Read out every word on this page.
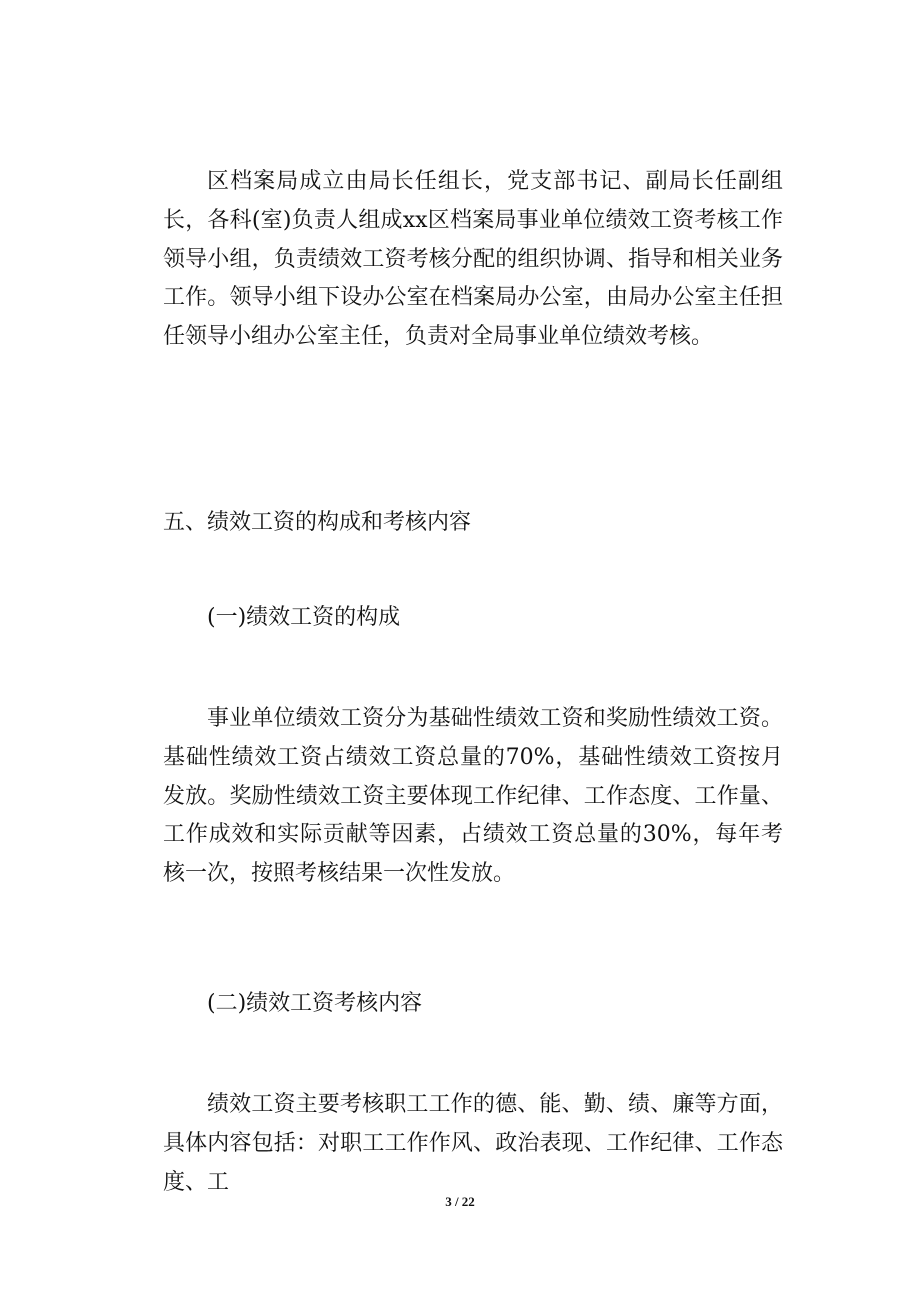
区档案局成立由局长任组长，党支部书记、副局长任副组长，各科(室)负责人组成xx区档案局事业单位绩效工资考核工作领导小组，负责绩效工资考核分配的组织协调、指导和相关业务工作。领导小组下设办公室在档案局办公室，由局办公室主任担任领导小组办公室主任，负责对全局事业单位绩效考核。

五、绩效工资的构成和考核内容

(一)绩效工资的构成

事业单位绩效工资分为基础性绩效工资和奖励性绩效工资。基础性绩效工资占绩效工资总量的70%，基础性绩效工资按月发放。奖励性绩效工资主要体现工作纪律、工作态度、工作量、工作成效和实际贡献等因素，占绩效工资总量的30%，每年考核一次，按照考核结果一次性发放。

(二)绩效工资考核内容

绩效工资主要考核职工工作的德、能、勤、绩、廉等方面，具体内容包括：对职工工作作风、政治表现、工作纪律、工作态度、工

3 / 22
